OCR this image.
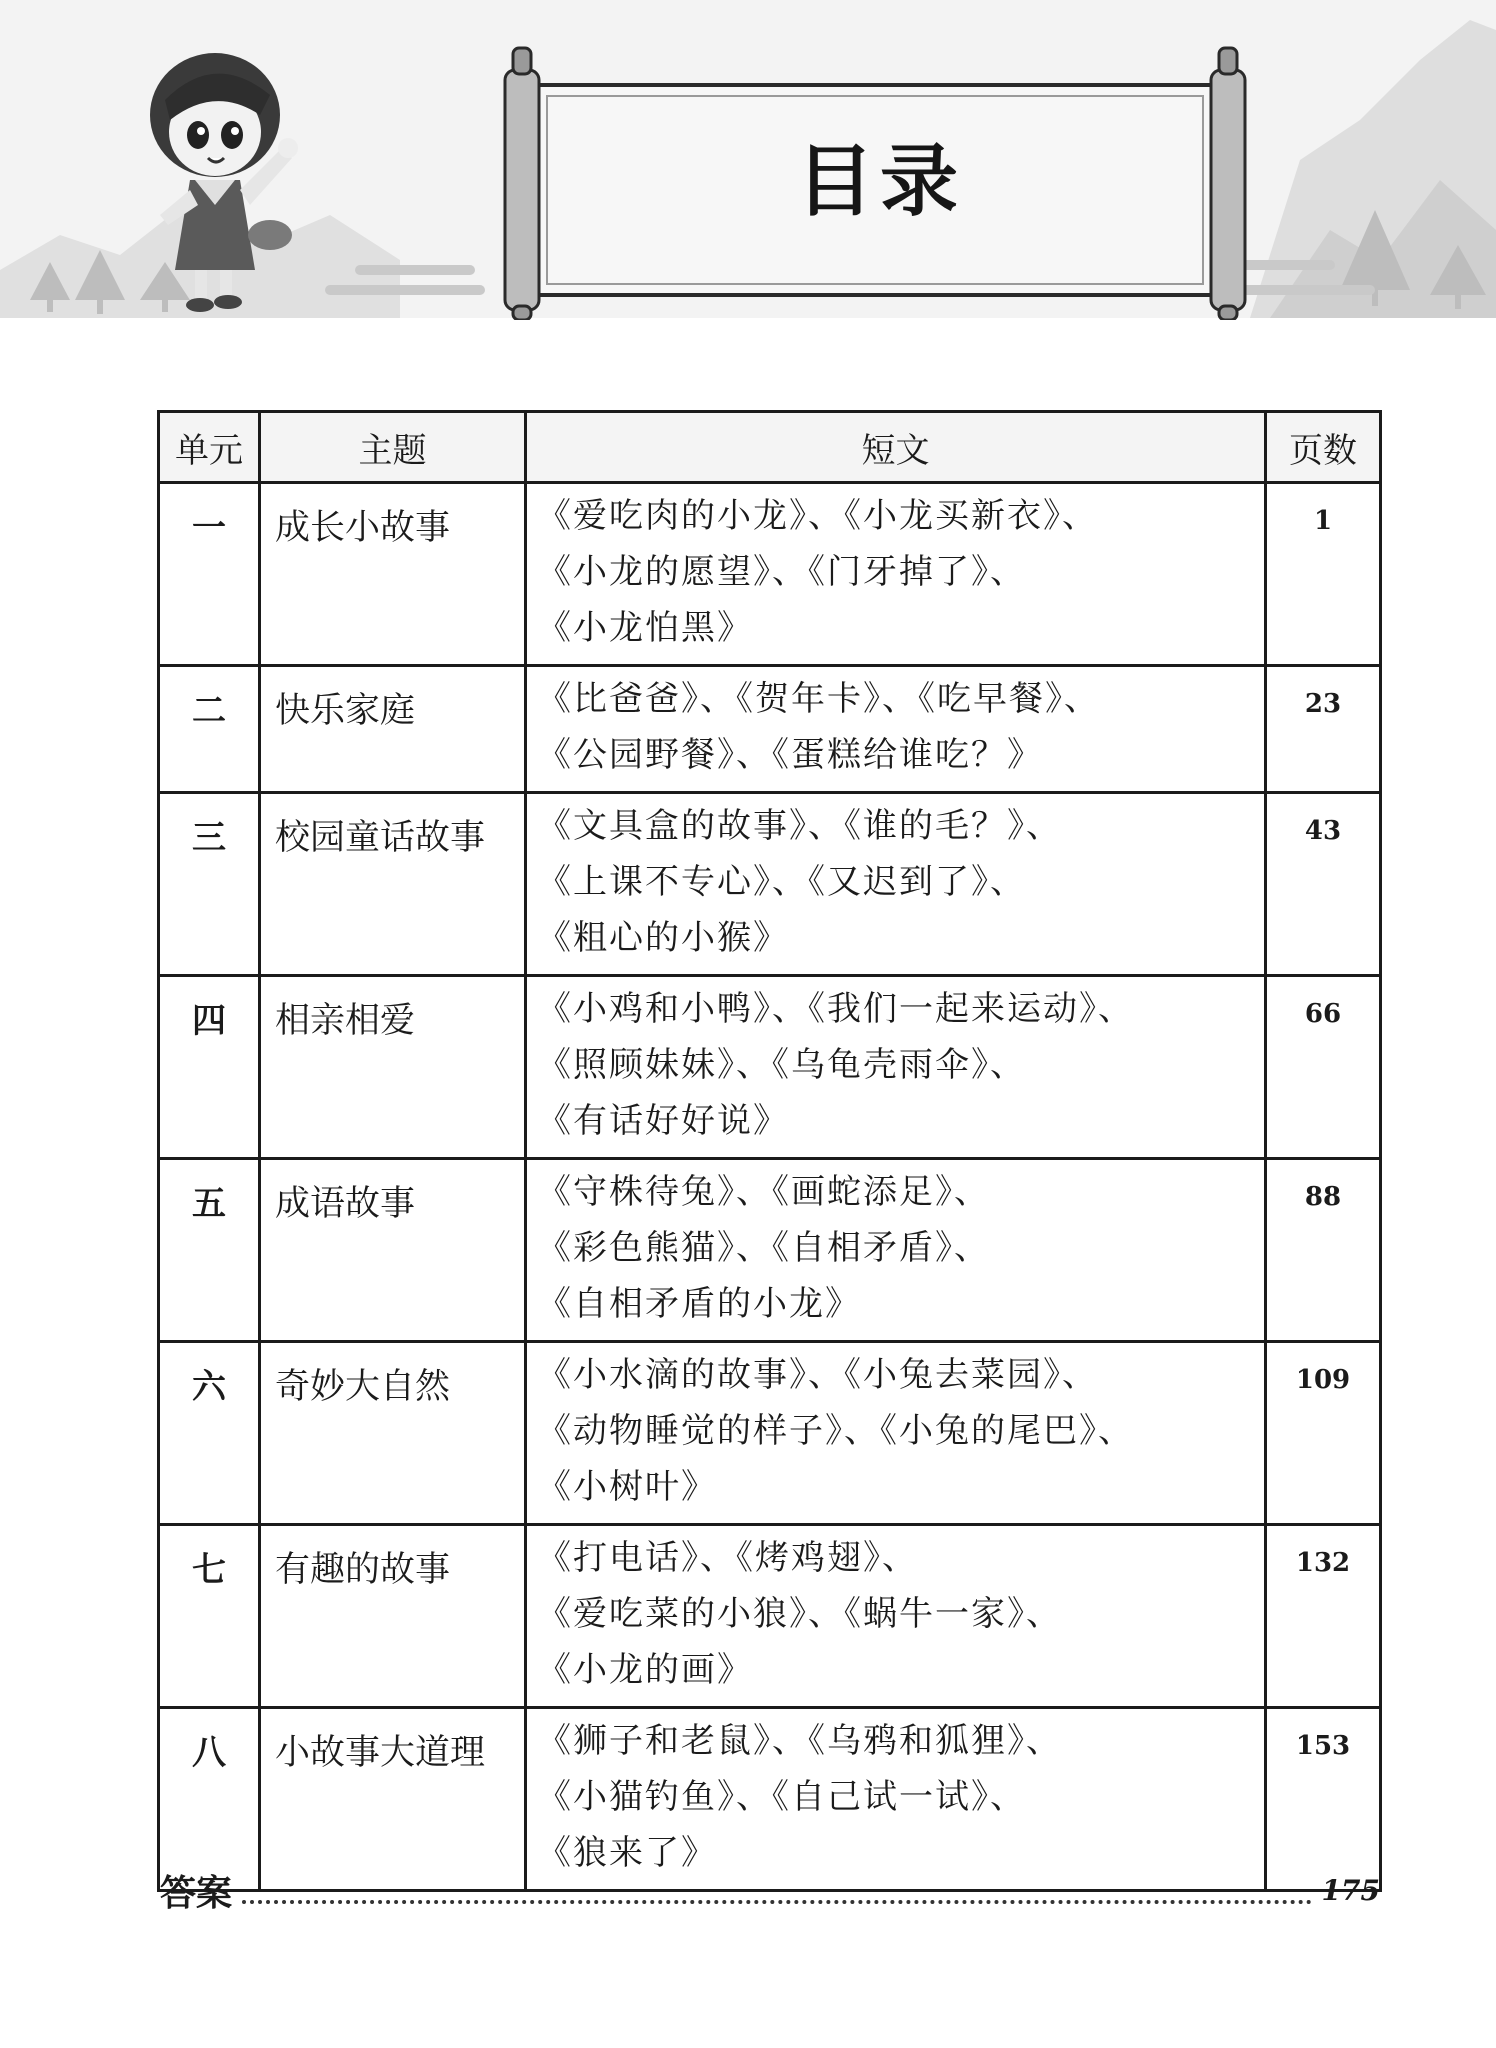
目录
单元	主题	短文	页数
一	成长小故事	《爱吃肉的小龙》、《小龙买新衣》、
《小龙的愿望》、《门牙掉了》、
《小龙怕黑》	1
二	快乐家庭	《比爸爸》、《贺年卡》、《吃早餐》、
《公园野餐》、《蛋糕给谁吃？》	23
三	校园童话故事	《文具盒的故事》、《谁的毛？》、
《上课不专心》、《又迟到了》、
《粗心的小猴》	43
四	相亲相爱	《小鸡和小鸭》、《我们一起来运动》、
《照顾妹妹》、《乌龟壳雨伞》、
《有话好好说》	66
五	成语故事	《守株待兔》、《画蛇添足》、
《彩色熊猫》、《自相矛盾》、
《自相矛盾的小龙》	88
六	奇妙大自然	《小水滴的故事》、《小兔去菜园》、
《动物睡觉的样子》、《小兔的尾巴》、
《小树叶》	109
七	有趣的故事	《打电话》、《烤鸡翅》、
《爱吃菜的小狼》、《蜗牛一家》、
《小龙的画》	132
八	小故事大道理	《狮子和老鼠》、《乌鸦和狐狸》、
《小猫钓鱼》、《自己试一试》、
《狼来了》	153
答案	175
